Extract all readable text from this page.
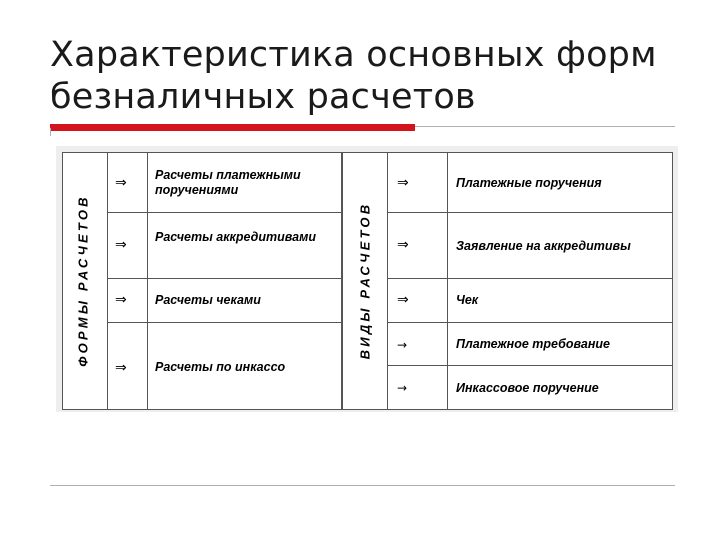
Характеристика основных форм
безналичных расчетов
ФОРМЫ РАСЧЕТОВ
⇒
⇒
⇒
⇒
Расчеты платежными поручениями
Расчеты аккредитивами
Расчеты чеками
Расчеты по инкассо
ВИДЫ РАСЧЕТОВ
⇒
⇒
⇒
→
→
Платежные поручения
Заявление на аккредитивы
Чек
Платежное требование
Инкассовое поручение
